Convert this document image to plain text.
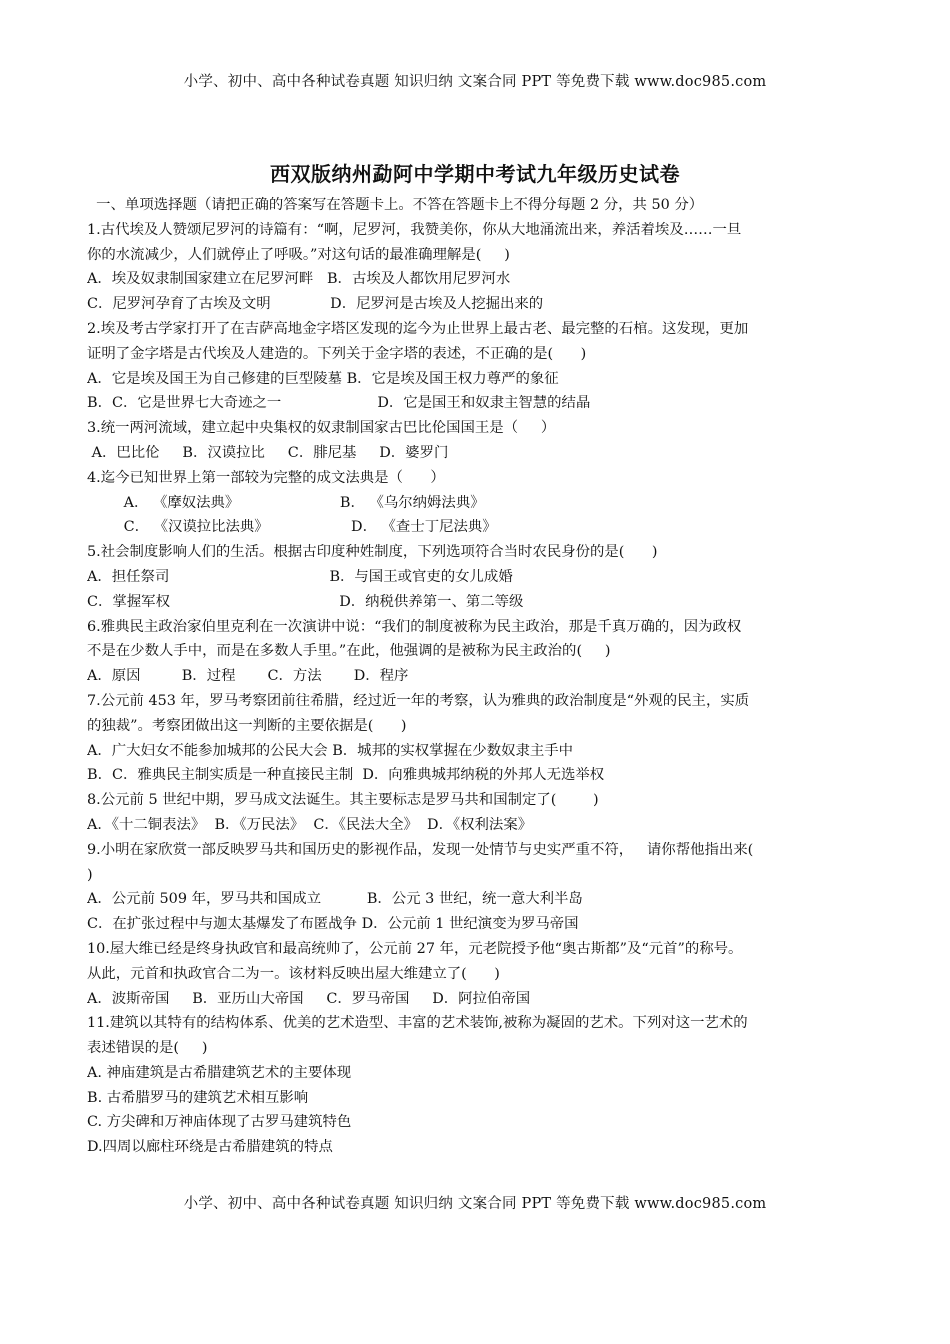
小学、初中、高中各种试卷真题 知识归纳 文案合同 PPT 等免费下载 www.doc985.com
西双版纳州勐阿中学期中考试九年级历史试卷
一、单项选择题（请把正确的答案写在答题卡上。不答在答题卡上不得分每题 2 分，共 50 分）
1.古代埃及人赞颂尼罗河的诗篇有：“啊，尼罗河，我赞美你，你从大地涌流出来，养活着埃及……一旦
你的水流减少，人们就停止了呼吸。”对这句话的最准确理解是(     )
A．埃及奴隶制国家建立在尼罗河畔   B．古埃及人都饮用尼罗河水
C．尼罗河孕育了古埃及文明             D．尼罗河是古埃及人挖掘出来的
2.埃及考古学家打开了在吉萨高地金字塔区发现的迄今为止世界上最古老、最完整的石棺。这发现，更加
证明了金字塔是古代埃及人建造的。下列关于金字塔的表述，不正确的是(      )
A．它是埃及国王为自己修建的巨型陵墓 B．它是埃及国王权力尊严的象征
B．C．它是世界七大奇迹之一                     D．它是国王和奴隶主智慧的结晶
3.统一两河流域，建立起中央集权的奴隶制国家古巴比伦国国王是（     ）
A．巴比伦     B．汉谟拉比     C．腓尼基     D．婆罗门
4.迄今已知世界上第一部较为完整的成文法典是（      ）
A． 《摩奴法典》                      B． 《乌尔纳姆法典》
C． 《汉谟拉比法典》                  D． 《查士丁尼法典》
5.社会制度影响人们的生活。根据古印度种姓制度，下列选项符合当时农民身份的是(      )
A．担任祭司                                   B．与国王或官吏的女儿成婚
C．掌握军权                                     D．纳税供养第一、第二等级
6.雅典民主政治家伯里克利在一次演讲中说：“我们的制度被称为民主政治，那是千真万确的，因为政权
不是在少数人手中，而是在多数人手里。”在此，他强调的是被称为民主政治的(     )
A．原因         B．过程       C．方法       D．程序
7.公元前 453 年，罗马考察团前往希腊，经过近一年的考察，认为雅典的政治制度是“外观的民主，实质
的独裁”。考察团做出这一判断的主要依据是(      )
A．广大妇女不能参加城邦的公民大会 B．城邦的实权掌握在少数奴隶主手中
B．C．雅典民主制实质是一种直接民主制  D．向雅典城邦纳税的外邦人无选举权
8.公元前 5 世纪中期，罗马成文法诞生。其主要标志是罗马共和国制定了(        )
A．《十二铜表法》  B．《万民法》  C．《民法大全》  D．《权利法案》
9.小明在家欣赏一部反映罗马共和国历史的影视作品，发现一处情节与史实严重不符，   请你帮他指出来(
)
A．公元前 509 年，罗马共和国成立          B．公元 3 世纪，统一意大利半岛
C．在扩张过程中与迦太基爆发了布匿战争 D．公元前 1 世纪演变为罗马帝国
10.屋大维已经是终身执政官和最高统帅了，公元前 27 年，元老院授予他“奥古斯都”及“元首”的称号。
从此，元首和执政官合二为一。该材料反映出屋大维建立了(      )
A．波斯帝国     B．亚历山大帝国     C．罗马帝国     D．阿拉伯帝国
11.建筑以其特有的结构体系、优美的艺术造型、丰富的艺术装饰,被称为凝固的艺术。下列对这一艺术的
表述错误的是(     )
A. 神庙建筑是古希腊建筑艺术的主要体现
B. 古希腊罗马的建筑艺术相互影响
C. 方尖碑和万神庙体现了古罗马建筑特色
D.四周以廊柱环绕是古希腊建筑的特点
小学、初中、高中各种试卷真题 知识归纳 文案合同 PPT 等免费下载 www.doc985.com
